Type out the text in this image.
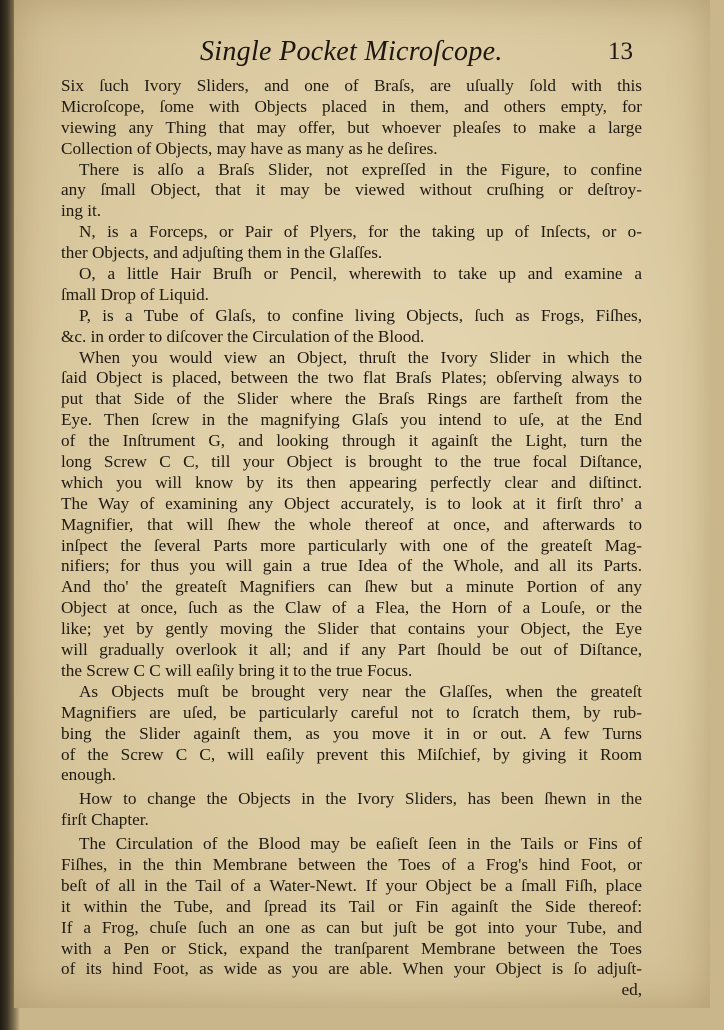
Single Pocket Microſcope.	13
Six ſuch Ivory Sliders, and one of Braſs, are uſually ſold with this
Microſcope, ſome with Objects placed in them, and others empty, for
viewing any Thing that may offer, but whoever pleaſes to make a large
Collection of Objects, may have as many as he deſires.
There is alſo a Braſs Slider, not expreſſed in the Figure, to confine
any ſmall Object, that it may be viewed without cruſhing or deſtroy-
ing it.
N, is a Forceps, or Pair of Plyers, for the taking up of Inſects, or o-
ther Objects, and adjuſting them in the Glaſſes.
O, a little Hair Bruſh or Pencil, wherewith to take up and examine a
ſmall Drop of Liquid.
P, is a Tube of Glaſs, to confine living Objects, ſuch as Frogs, Fiſhes,
&c. in order to diſcover the Circulation of the Blood.
When you would view an Object, thruſt the Ivory Slider in which the
ſaid Object is placed, between the two flat Braſs Plates; obſerving always to
put that Side of the Slider where the Braſs Rings are fartheſt from the
Eye. Then ſcrew in the magnifying Glaſs you intend to uſe, at the End
of the Inſtrument G, and looking through it againſt the Light, turn the
long Screw C C, till your Object is brought to the true focal Diſtance,
which you will know by its then appearing perfectly clear and diſtinct.
The Way of examining any Object accurately, is to look at it firſt thro' a
Magnifier, that will ſhew the whole thereof at once, and afterwards to
inſpect the ſeveral Parts more particularly with one of the greateſt Mag-
nifiers; for thus you will gain a true Idea of the Whole, and all its Parts.
And tho' the greateſt Magnifiers can ſhew but a minute Portion of any
Object at once, ſuch as the Claw of a Flea, the Horn of a Louſe, or the
like; yet by gently moving the Slider that contains your Object, the Eye
will gradually overlook it all; and if any Part ſhould be out of Diſtance,
the Screw C C will eaſily bring it to the true Focus.
As Objects muſt be brought very near the Glaſſes, when the greateſt
Magnifiers are uſed, be particularly careful not to ſcratch them, by rub-
bing the Slider againſt them, as you move it in or out. A few Turns
of the Screw C C, will eaſily prevent this Miſchief, by giving it Room
enough.
How to change the Objects in the Ivory Sliders, has been ſhewn in the
firſt Chapter.
The Circulation of the Blood may be eaſieſt ſeen in the Tails or Fins of
Fiſhes, in the thin Membrane between the Toes of a Frog's hind Foot, or
beſt of all in the Tail of a Water-Newt. If your Object be a ſmall Fiſh, place
it within the Tube, and ſpread its Tail or Fin againſt the Side thereof:
If a Frog, chuſe ſuch an one as can but juſt be got into your Tube, and
with a Pen or Stick, expand the tranſparent Membrane between the Toes
of its hind Foot, as wide as you are able. When your Object is ſo adjuſt-
ed,
